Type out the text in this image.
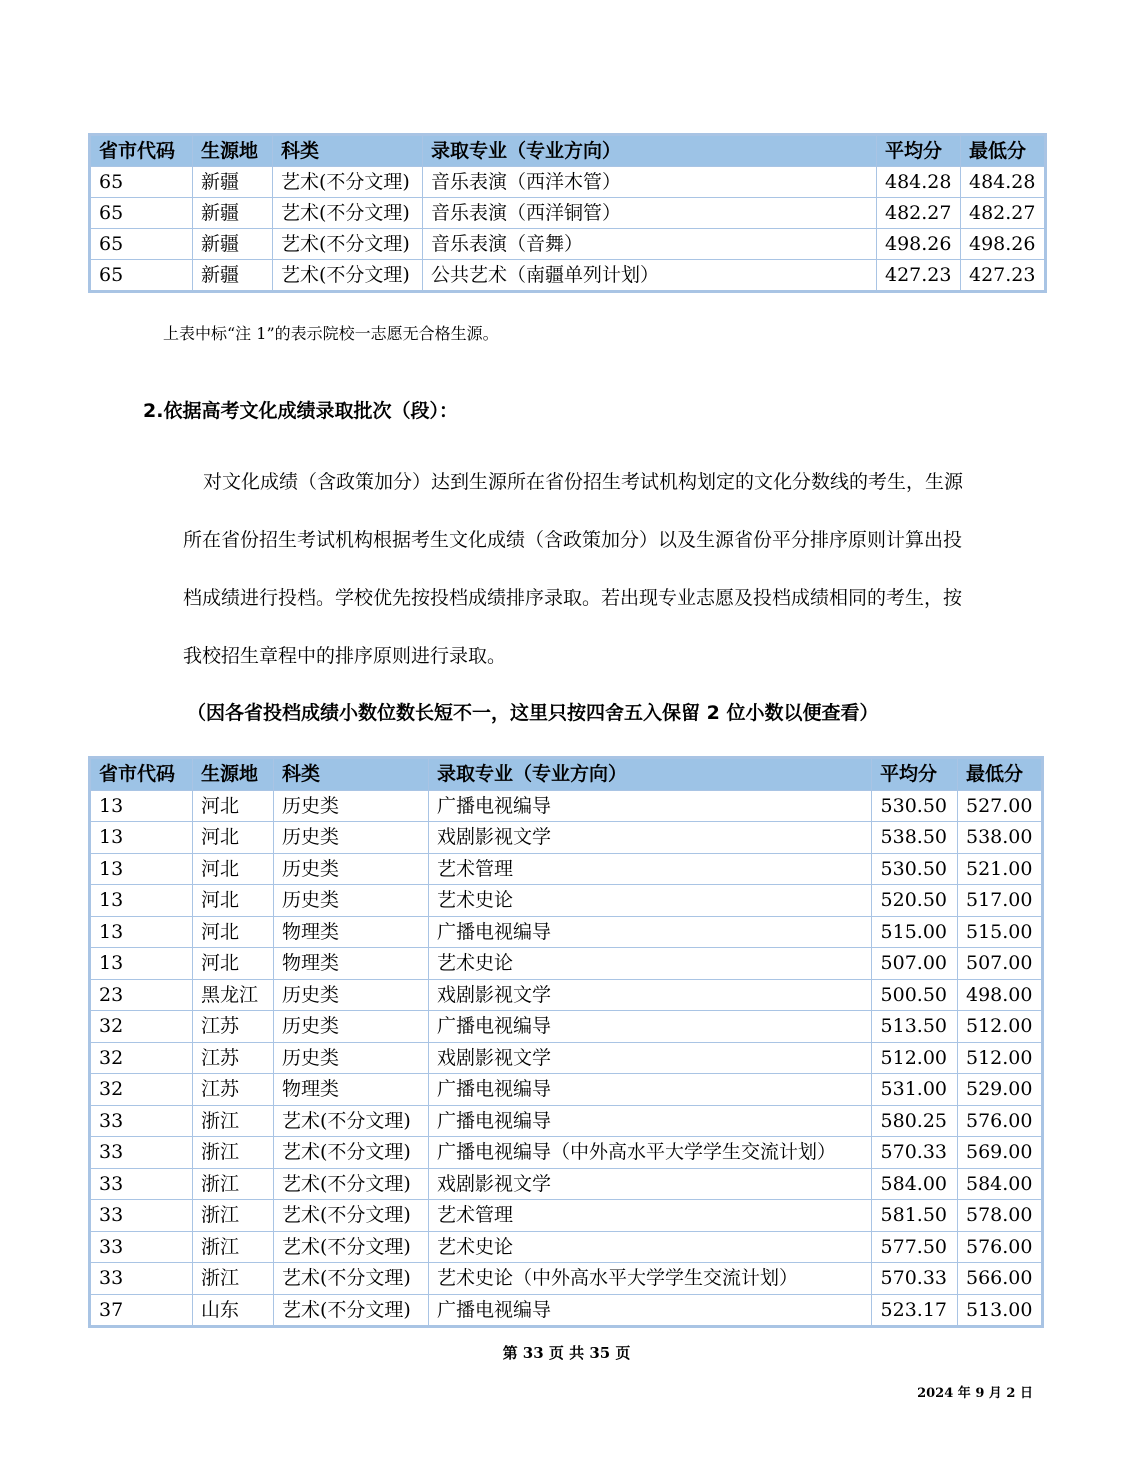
省市代码	生源地	科类	录取专业（专业方向）	平均分	最低分
65	新疆	艺术(不分文理)	音乐表演（西洋木管）	484.28	484.28
65	新疆	艺术(不分文理)	音乐表演（西洋铜管）	482.27	482.27
65	新疆	艺术(不分文理)	音乐表演（音舞）	498.26	498.26
65	新疆	艺术(不分文理)	公共艺术（南疆单列计划）	427.23	427.23
上表中标“注 1”的表示院校一志愿无合格生源。
2.依据高考文化成绩录取批次（段）：
对文化成绩（含政策加分）达到生源所在省份招生考试机构划定的文化分数线的考生，生源
所在省份招生考试机构根据考生文化成绩（含政策加分）以及生源省份平分排序原则计算出投
档成绩进行投档。学校优先按投档成绩排序录取。若出现专业志愿及投档成绩相同的考生，按
我校招生章程中的排序原则进行录取。
（因各省投档成绩小数位数长短不一，这里只按四舍五入保留 2 位小数以便查看）
省市代码	生源地	科类	录取专业（专业方向）	平均分	最低分
13	河北	历史类	广播电视编导	530.50	527.00
13	河北	历史类	戏剧影视文学	538.50	538.00
13	河北	历史类	艺术管理	530.50	521.00
13	河北	历史类	艺术史论	520.50	517.00
13	河北	物理类	广播电视编导	515.00	515.00
13	河北	物理类	艺术史论	507.00	507.00
23	黑龙江	历史类	戏剧影视文学	500.50	498.00
32	江苏	历史类	广播电视编导	513.50	512.00
32	江苏	历史类	戏剧影视文学	512.00	512.00
32	江苏	物理类	广播电视编导	531.00	529.00
33	浙江	艺术(不分文理)	广播电视编导	580.25	576.00
33	浙江	艺术(不分文理)	广播电视编导（中外高水平大学学生交流计划）	570.33	569.00
33	浙江	艺术(不分文理)	戏剧影视文学	584.00	584.00
33	浙江	艺术(不分文理)	艺术管理	581.50	578.00
33	浙江	艺术(不分文理)	艺术史论	577.50	576.00
33	浙江	艺术(不分文理)	艺术史论（中外高水平大学学生交流计划）	570.33	566.00
37	山东	艺术(不分文理)	广播电视编导	523.17	513.00
第 33 页 共 35 页
2024 年 9 月 2 日
